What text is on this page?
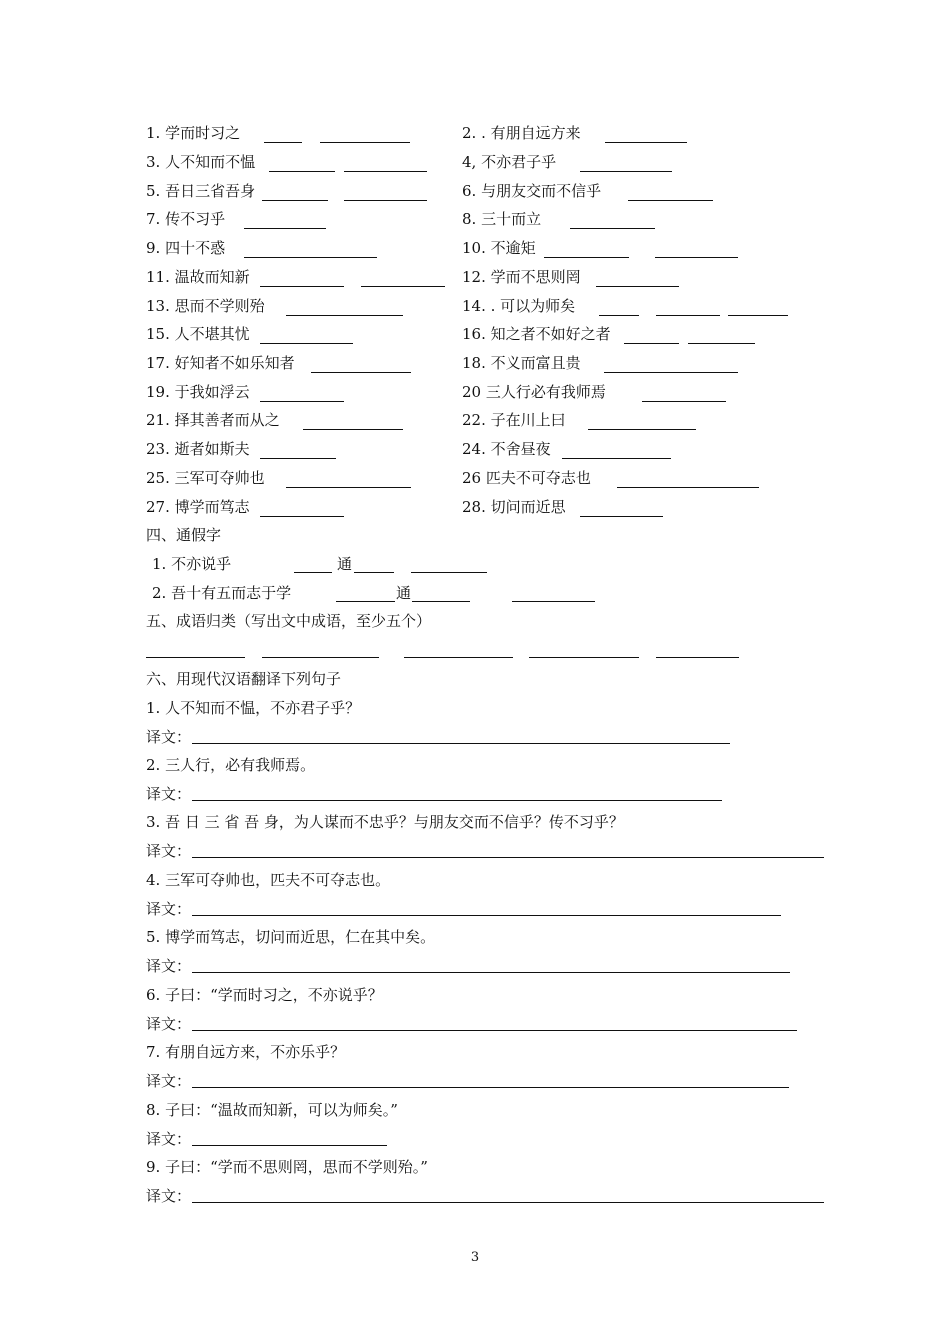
1. 学而时习之	2. . 有朋自远方来
3. 人不知而不愠	4, 不亦君子乎
5. 吾日三省吾身	6. 与朋友交而不信乎
7. 传不习乎	8. 三十而立
9. 四十不惑	10. 不逾矩
11. 温故而知新	12. 学而不思则罔
13. 思而不学则殆	14. . 可以为师矣
15. 人不堪其忧	16. 知之者不如好之者
17. 好知者不如乐知者	18. 不义而富且贵
19. 于我如浮云	20 三人行必有我师焉
21. 择其善者而从之	22. 子在川上曰
23. 逝者如斯夫	24. 不舍昼夜
25. 三军可夺帅也	26 匹夫不可夺志也
27. 博学而笃志	28. 切问而近思
四、通假字
1. 不亦说乎	通
2. 吾十有五而志于学	通
五、成语归类（写出文中成语，至少五个）
六、用现代汉语翻译下列句子
1. 人不知而不愠，不亦君子乎？
译文：
2. 三人行，必有我师焉。
译文：
3. 吾 日 三 省 吾 身，为人谋而不忠乎？与朋友交而不信乎？传不习乎？
译文：
4. 三军可夺帅也，匹夫不可夺志也。
译文：
5. 博学而笃志，切问而近思，仁在其中矣。
译文：
6. 子曰：“学而时习之，不亦说乎？
译文：
7. 有朋自远方来，不亦乐乎？
译文：
8. 子曰：“温故而知新，可以为师矣。”
译文：
9. 子曰：“学而不思则罔，思而不学则殆。”
译文：
3
